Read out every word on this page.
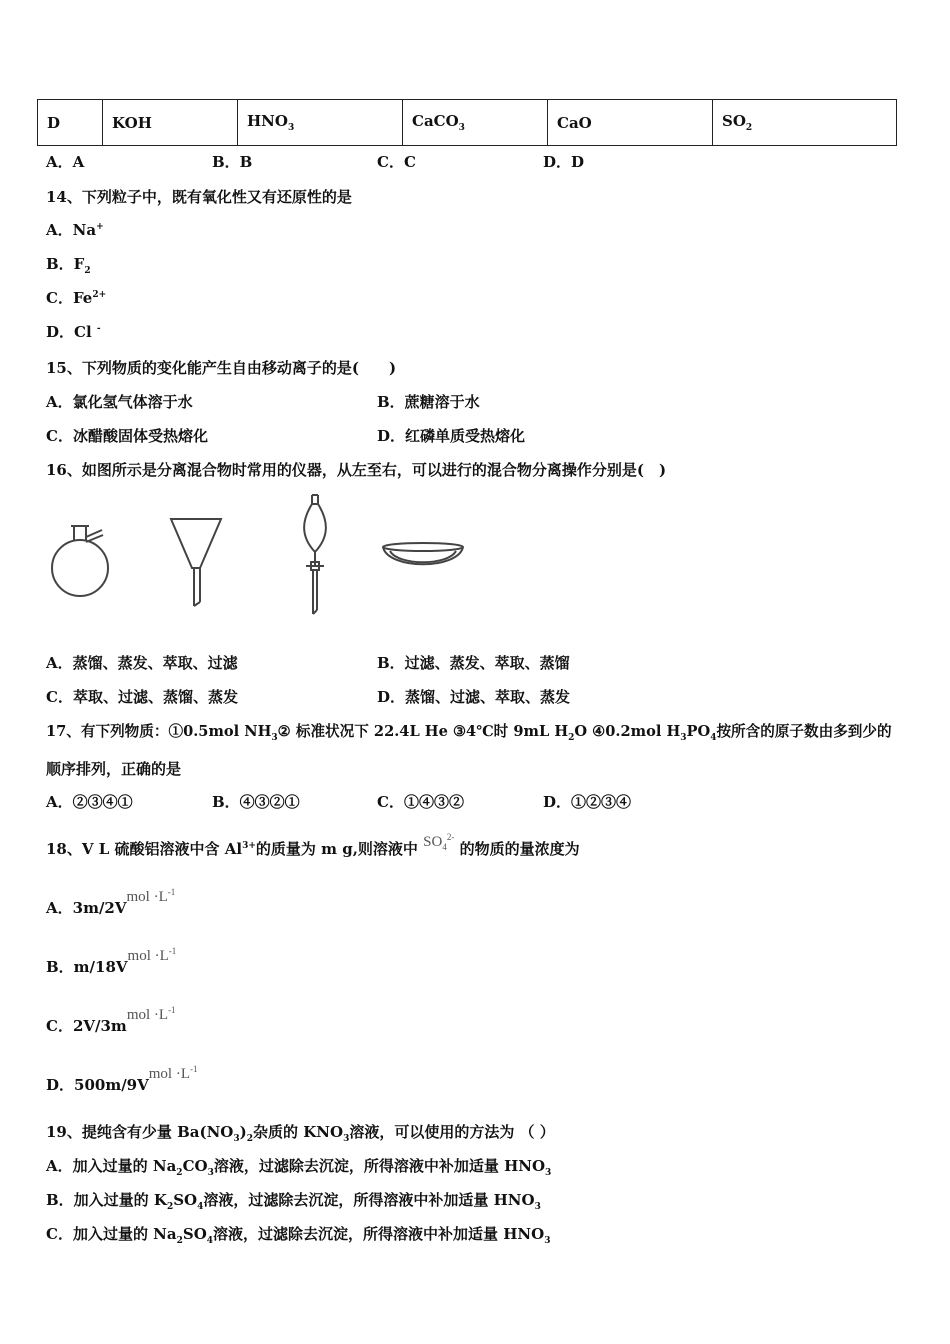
D	KOH	$HNO_3$	CaCO$_3$	CaO	$SO_2$
A．A	B．B	C．C	D．D
14、下列粒子中，既有氧化性又有还原性的是
A．Na+
B．$F_2$
C．$Fe^{2+}$
D．Cl -
15、下列物质的变化能产生自由移动离子的是(　　)
A．氯化氢气体溶于水	B．蔗糖溶于水
C．冰醋酸固体受热熔化	D．红磷单质受热熔化
16、如图所示是分离混合物时常用的仪器，从左至右，可以进行的混合物分离操作分别是(　)
A．蒸馏、蒸发、萃取、过滤	B．过滤、蒸发、萃取、蒸馏
C．萃取、过滤、蒸馏、蒸发	D．蒸馏、过滤、萃取、蒸发
17、有下列物质：①0.5mol $NH_3②$ 标准状况下 22.4L He ③4℃时 9mL $H_2O$ ④0.2mol $H_3PO_4$按所含的原子数由多到少的
顺序排列，正确的是
A．②③④①	B．④③②①	C．①④③②	D．①②③④
18、V L 硫酸铝溶液中含 $Al^{3+}$的质量为 m g,则溶液中 $SO_4^{2-}$ 的物质的量浓度为
A．3m/2Vmol $\cdot L^{-1}$
B．m/18Vmol $\cdot L^{-1}$
C．2V/3mmol $\cdot L^{-1}$
D．500m/9Vmol $\cdot L^{-1}$
19、提纯含有少量 $Ba(NO_3)_2$杂质的 $KNO_3$溶液，可以使用的方法为 （ ）
A．加入过量的 $Na_2CO_3$溶液，过滤除去沉淀，所得溶液中补加适量 $HNO_3$
B．加入过量的 $K_2SO_4$溶液，过滤除去沉淀，所得溶液中补加适量 $HNO_3$
C．加入过量的 $Na_2SO_4$溶液，过滤除去沉淀，所得溶液中补加适量 $HNO_3$
